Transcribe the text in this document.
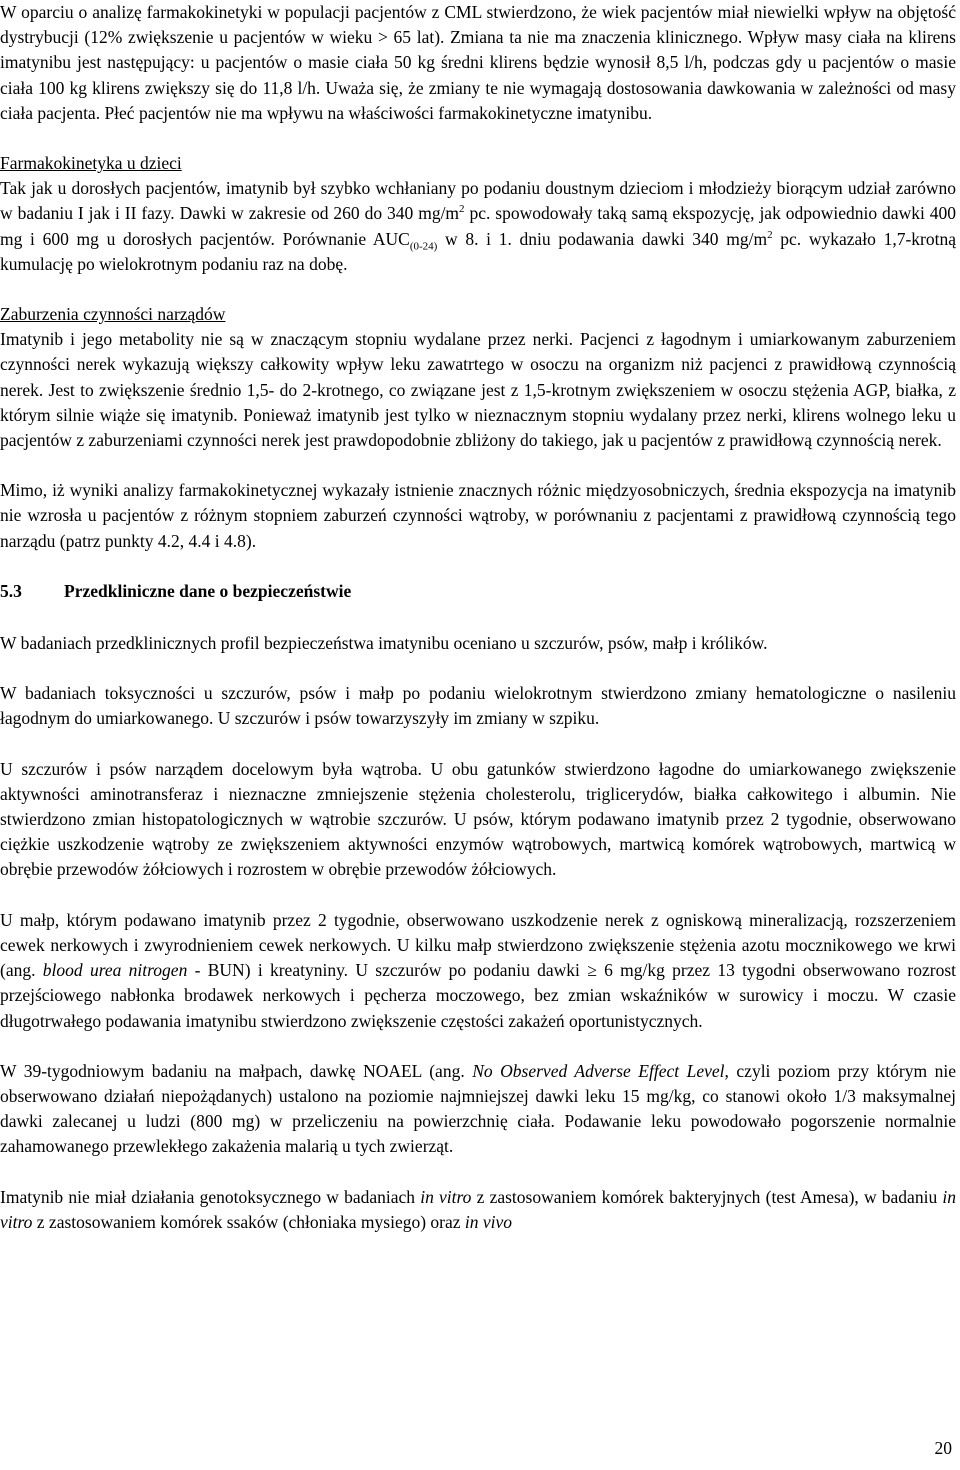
W oparciu o analizę farmakokinetyki w populacji pacjentów z CML stwierdzono, że wiek pacjentów miał niewielki wpływ na objętość dystrybucji (12% zwiększenie u pacjentów w wieku > 65 lat). Zmiana ta nie ma znaczenia klinicznego. Wpływ masy ciała na klirens imatynibu jest następujący: u pacjentów o masie ciała 50 kg średni klirens będzie wynosił 8,5 l/h, podczas gdy u pacjentów o masie ciała 100 kg klirens zwiększy się do 11,8 l/h. Uważa się, że zmiany te nie wymagają dostosowania dawkowania w zależności od masy ciała pacjenta. Płeć pacjentów nie ma wpływu na właściwości farmakokinetyczne imatynibu.

Farmakokinetyka u dzieci

Tak jak u dorosłych pacjentów, imatynib był szybko wchłaniany po podaniu doustnym dzieciom i młodzieży biorącym udział zarówno w badaniu I jak i II fazy. Dawki w zakresie od 260 do 340 $mg/m^2$ pc. spowodowały taką samą ekspozycję, jak odpowiednio dawki 400 mg i 600 mg u dorosłych pacjentów. Porównanie $AUC_{(0-24)}$ w 8. i 1. dniu podawania dawki 340 $mg/m^2$ pc. wykazało 1,7-krotną kumulację po wielokrotnym podaniu raz na dobę.

Zaburzenia czynności narządów

Imatynib i jego metabolity nie są w znaczącym stopniu wydalane przez nerki. Pacjenci z łagodnym i umiarkowanym zaburzeniem czynności nerek wykazują większy całkowity wpływ leku zawatrtego w osoczu na organizm niż pacjenci z prawidłową czynnością nerek. Jest to zwiększenie średnio 1,5- do 2-krotnego, co związane jest z 1,5-krotnym zwiększeniem w osoczu stężenia AGP, białka, z którym silnie wiąże się imatynib. Ponieważ imatynib jest tylko w nieznacznym stopniu wydalany przez nerki, klirens wolnego leku u pacjentów z zaburzeniami czynności nerek jest prawdopodobnie zbliżony do takiego, jak u pacjentów z prawidłową czynnością nerek.

Mimo, iż wyniki analizy farmakokinetycznej wykazały istnienie znacznych różnic międzyosobniczych, średnia ekspozycja na imatynib nie wzrosła u pacjentów z różnym stopniem zaburzeń czynności wątroby, w porównaniu z pacjentami z prawidłową czynnością tego narządu (patrz punkty 4.2, 4.4 i 4.8).

5.3 Przedkliniczne dane o bezpieczeństwie

W badaniach przedklinicznych profil bezpieczeństwa imatynibu oceniano u szczurów, psów, małp i królików.

W badaniach toksyczności u szczurów, psów i małp po podaniu wielokrotnym stwierdzono zmiany hematologiczne o nasileniu łagodnym do umiarkowanego. U szczurów i psów towarzyszyły im zmiany w szpiku.

U szczurów i psów narządem docelowym była wątroba. U obu gatunków stwierdzono łagodne do umiarkowanego zwiększenie aktywności aminotransferaz i nieznaczne zmniejszenie stężenia cholesterolu, triglicerydów, białka całkowitego i albumin. Nie stwierdzono zmian histopatologicznych w wątrobie szczurów. U psów, którym podawano imatynib przez 2 tygodnie, obserwowano ciężkie uszkodzenie wątroby ze zwiększeniem aktywności enzymów wątrobowych, martwicą komórek wątrobowych, martwicą w obrębie przewodów żółciowych i rozrostem w obrębie przewodów żółciowych.

U małp, którym podawano imatynib przez 2 tygodnie, obserwowano uszkodzenie nerek z ogniskową mineralizacją, rozszerzeniem cewek nerkowych i zwyrodnieniem cewek nerkowych. U kilku małp stwierdzono zwiększenie stężenia azotu mocznikowego we krwi (ang. blood urea nitrogen - BUN) i kreatyniny. U szczurów po podaniu dawki ≥ 6 mg/kg przez 13 tygodni obserwowano rozrost przejściowego nabłonka brodawek nerkowych i pęcherza moczowego, bez zmian wskaźników w surowicy i moczu. W czasie długotrwałego podawania imatynibu stwierdzono zwiększenie częstości zakażeń oportunistycznych.

W 39-tygodniowym badaniu na małpach, dawkę NOAEL (ang. No Observed Adverse Effect Level, czyli poziom przy którym nie obserwowano działań niepożądanych) ustalono na poziomie najmniejszej dawki leku 15 mg/kg, co stanowi około 1/3 maksymalnej dawki zalecanej u ludzi (800 mg) w przeliczeniu na powierzchnię ciała. Podawanie leku powodowało pogorszenie normalnie zahamowanego przewlekłego zakażenia malarią u tych zwierząt.

Imatynib nie miał działania genotoksycznego w badaniach in vitro z zastosowaniem komórek bakteryjnych (test Amesa), w badaniu in vitro z zastosowaniem komórek ssaków (chłoniaka mysiego) oraz in vivo

20
